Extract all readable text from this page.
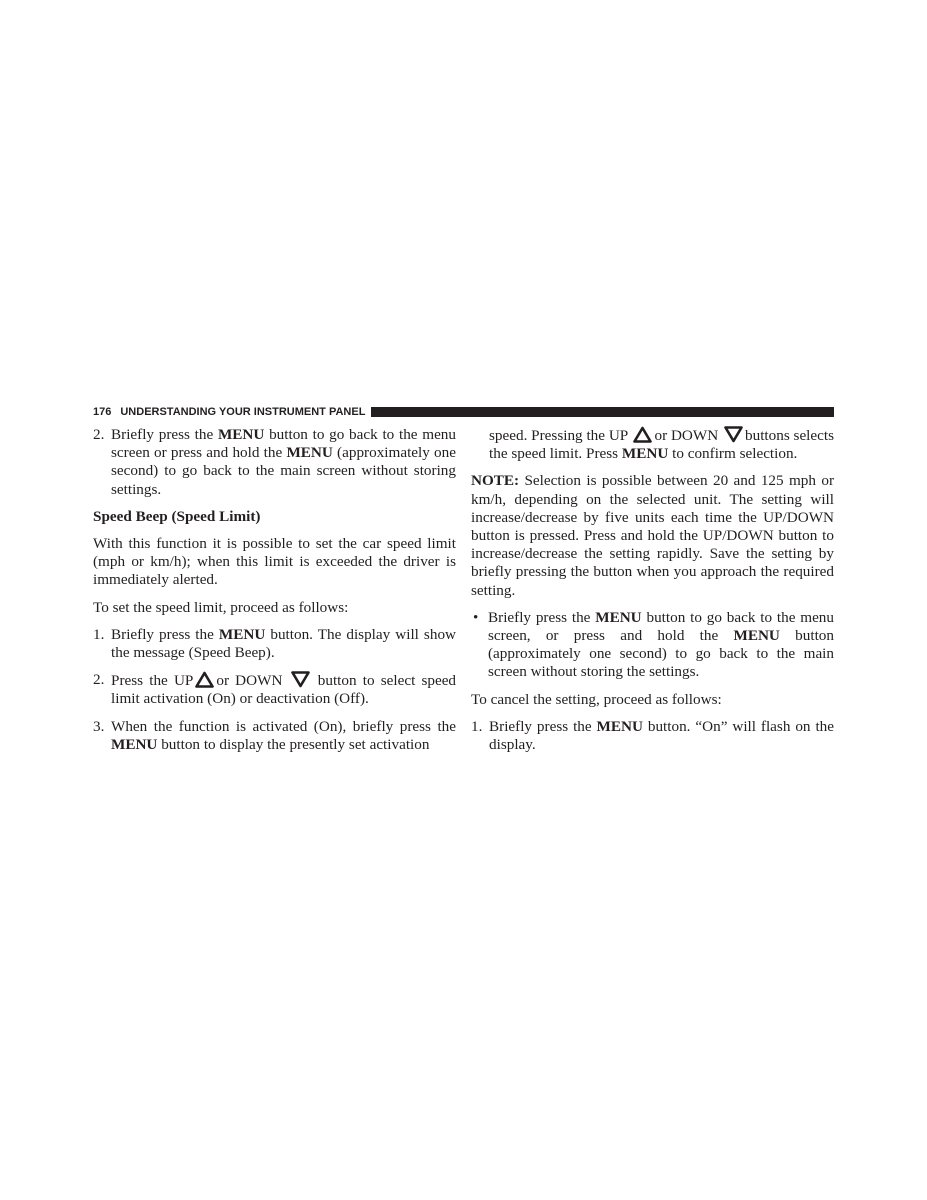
176 UNDERSTANDING YOUR INSTRUMENT PANEL
2. Briefly press the MENU button to go back to the menu screen or press and hold the MENU (approximately one second) to go back to the main screen without storing settings.

Speed Beep (Speed Limit)

With this function it is possible to set the car speed limit (mph or km/h); when this limit is exceeded the driver is immediately alerted.

To set the speed limit, proceed as follows:

1. Briefly press the MENU button. The display will show the message (Speed Beep).
2. Press the UP or DOWN button to select speed limit activation (On) or deactivation (Off).
3. When the function is activated (On), briefly press the MENU button to display the presently set activation
speed. Pressing the UP or DOWN buttons selects the speed limit. Press MENU to confirm selection.

NOTE: Selection is possible between 20 and 125 mph or km/h, depending on the selected unit. The setting will increase/decrease by five units each time the UP/DOWN button is pressed. Press and hold the UP/DOWN button to increase/decrease the setting rapidly. Save the setting by briefly pressing the button when you approach the required setting.

• Briefly press the MENU button to go back to the menu screen, or press and hold the MENU button (approximately one second) to go back to the main screen without storing the settings.

To cancel the setting, proceed as follows:

1. Briefly press the MENU button. “On” will flash on the display.
